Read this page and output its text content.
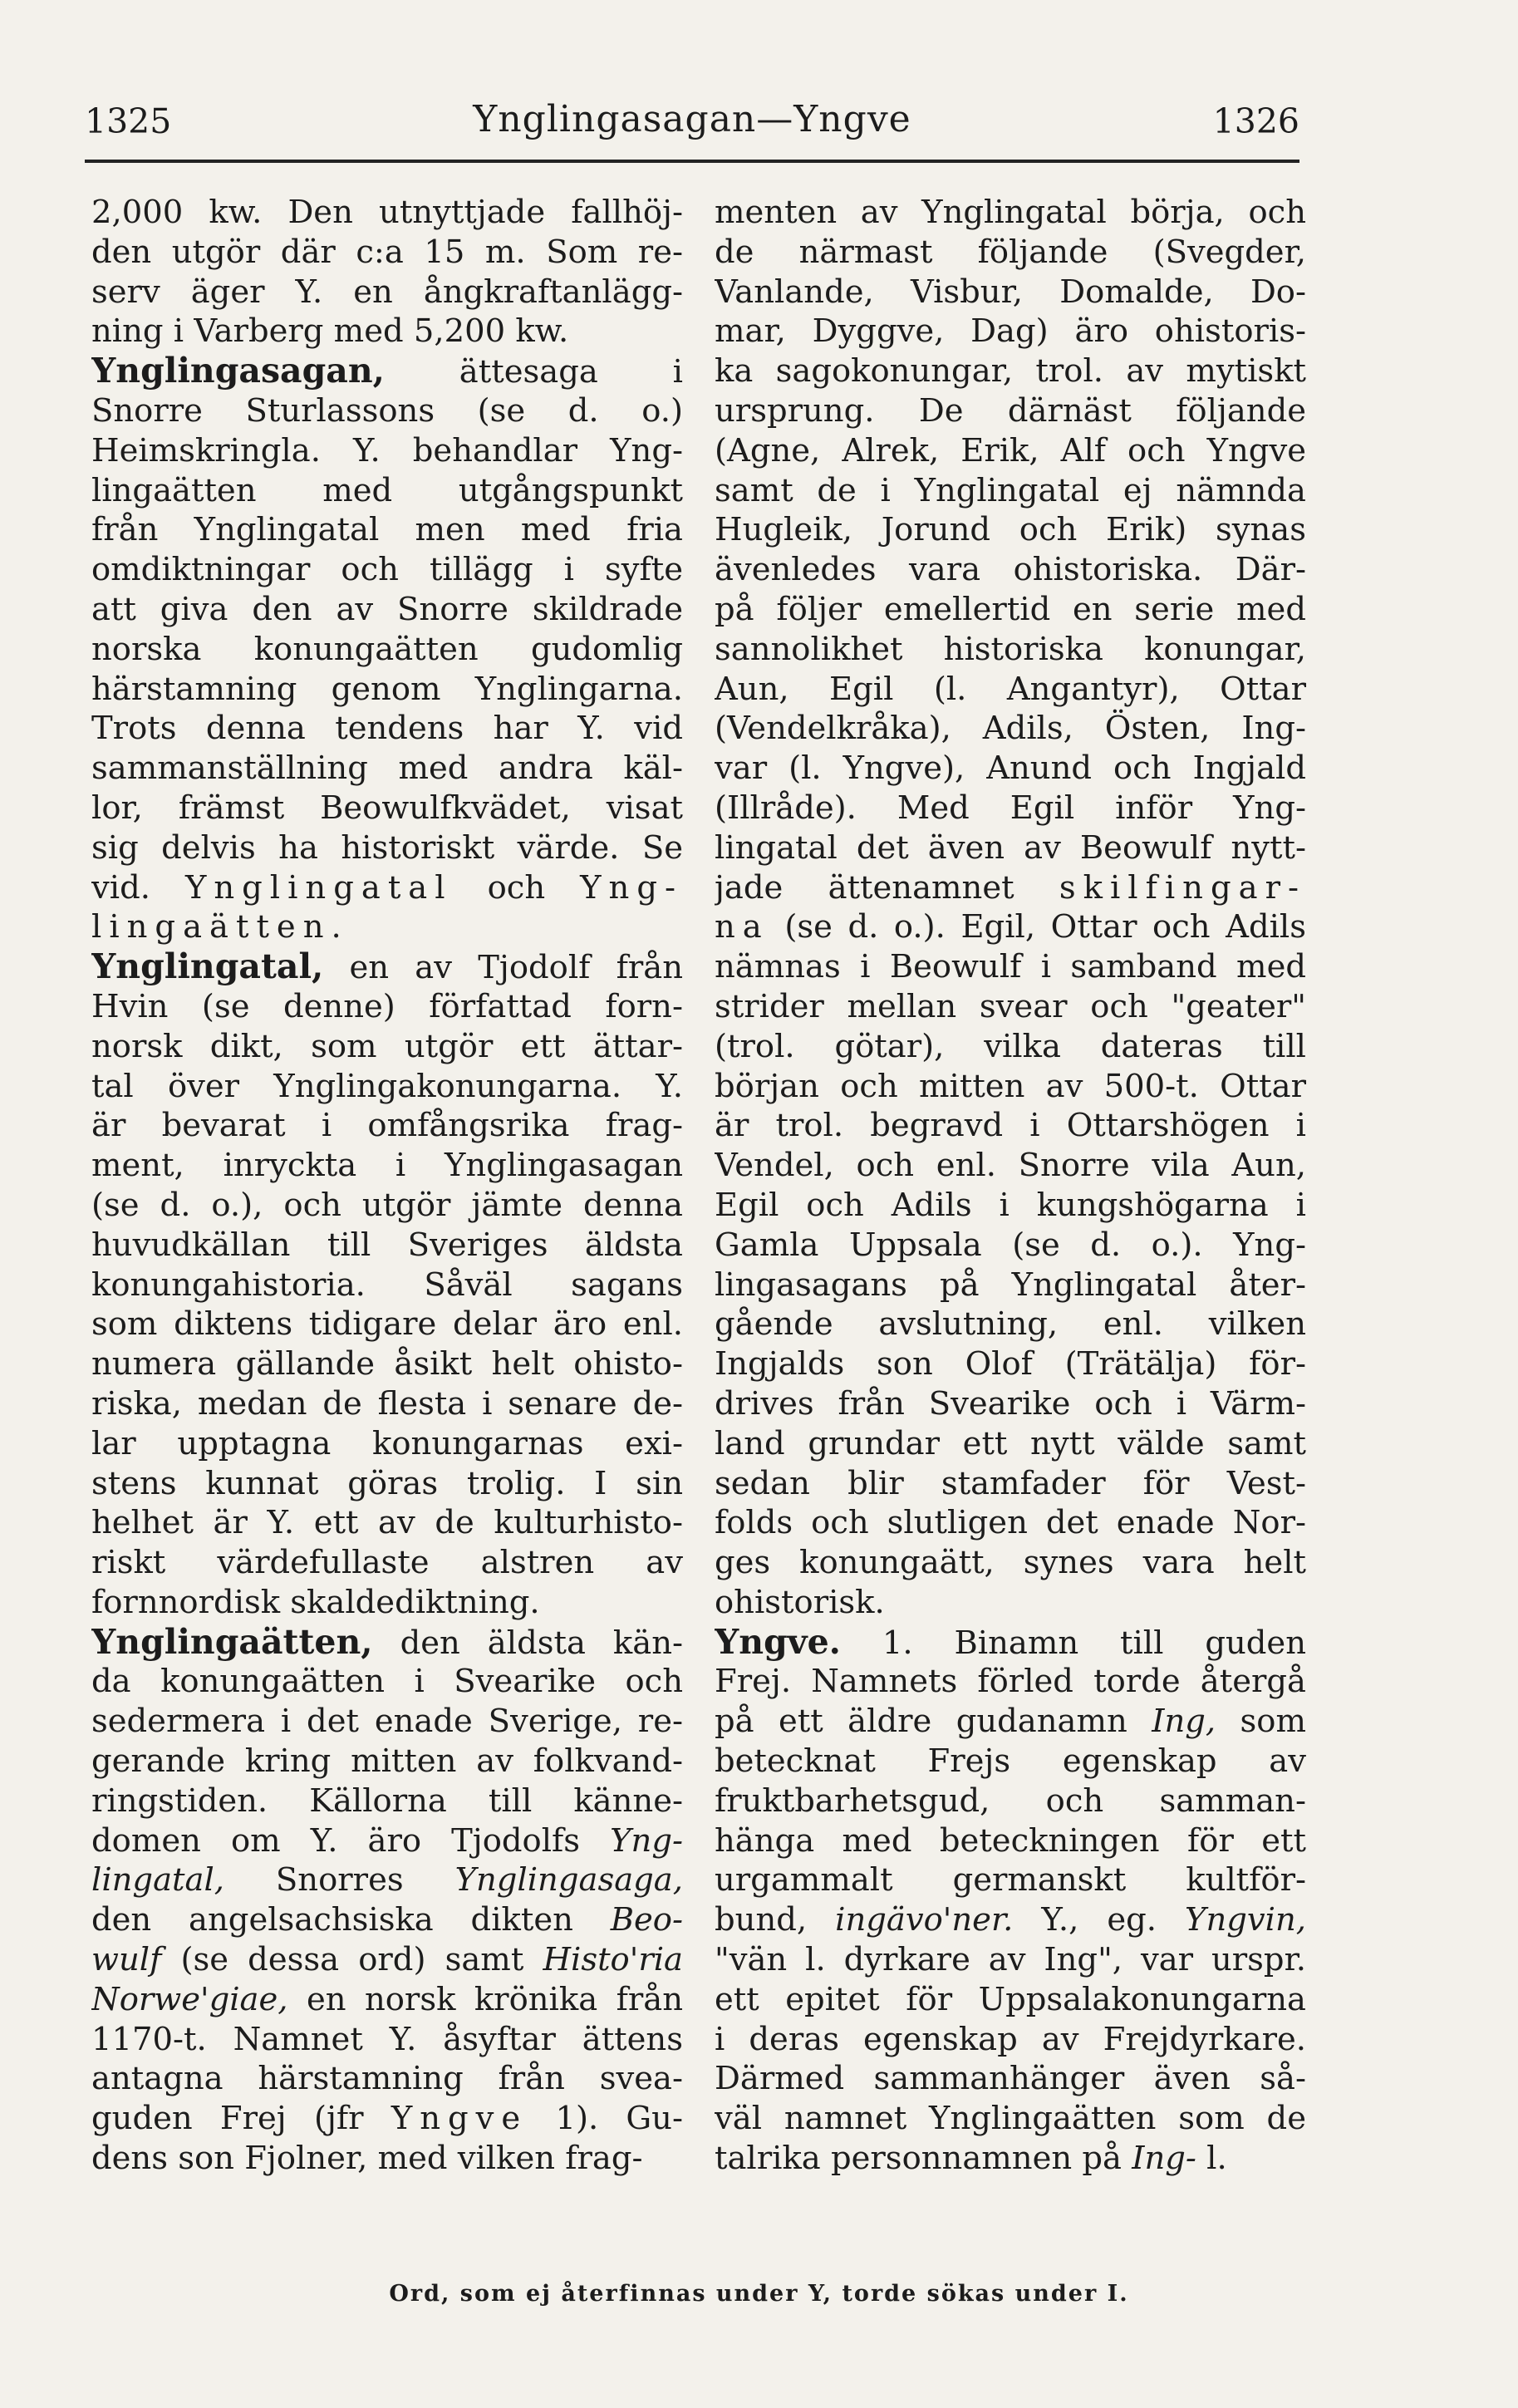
1325	Ynglingasagan—Yngve	1326
2,000 kw. Den utnyttjade fallhöj-
den utgör där c:a 15 m. Som re-
serv äger Y. en ångkraftanlägg-
ning i Varberg med 5,200 kw.
Ynglingasagan, ättesaga i
Snorre Sturlassons (se d. o.)
Heimskringla. Y. behandlar Yng-
lingaätten med utgångspunkt
från Ynglingatal men med fria
omdiktningar och tillägg i syfte
att giva den av Snorre skildrade
norska konungaätten gudomlig
härstamning genom Ynglingarna.
Trots denna tendens har Y. vid
sammanställning med andra käl-
lor, främst Beowulfkvädet, visat
sig delvis ha historiskt värde. Se
vid. Ynglingatal och Yng-
lingaätten.
Ynglingatal, en av Tjodolf från
Hvin (se denne) författad forn-
norsk dikt, som utgör ett ättar-
tal över Ynglingakonungarna. Y.
är bevarat i omfångsrika frag-
ment, inryckta i Ynglingasagan
(se d. o.), och utgör jämte denna
huvudkällan till Sveriges äldsta
konungahistoria. Såväl sagans
som diktens tidigare delar äro enl.
numera gällande åsikt helt ohisto-
riska, medan de flesta i senare de-
lar upptagna konungarnas exi-
stens kunnat göras trolig. I sin
helhet är Y. ett av de kulturhisto-
riskt värdefullaste alstren av
fornnordisk skaldediktning.
Ynglingaätten, den äldsta kän-
da konungaätten i Svearike och
sedermera i det enade Sverige, re-
gerande kring mitten av folkvand-
ringstiden. Källorna till känne-
domen om Y. äro Tjodolfs Yng-
lingatal, Snorres Ynglingasaga,
den angelsachsiska dikten Beo-
wulf (se dessa ord) samt Histo'ria
Norwe'giae, en norsk krönika från
1170-t. Namnet Y. åsyftar ättens
antagna härstamning från svea-
guden Frej (jfr Yngve 1). Gu-
dens son Fjolner, med vilken frag-
menten av Ynglingatal börja, och
de närmast följande (Svegder,
Vanlande, Visbur, Domalde, Do-
mar, Dyggve, Dag) äro ohistoris-
ka sagokonungar, trol. av mytiskt
ursprung. De därnäst följande
(Agne, Alrek, Erik, Alf och Yngve
samt de i Ynglingatal ej nämnda
Hugleik, Jorund och Erik) synas
ävenledes vara ohistoriska. Där-
på följer emellertid en serie med
sannolikhet historiska konungar,
Aun, Egil (l. Angantyr), Ottar
(Vendelkråka), Adils, Östen, Ing-
var (l. Yngve), Anund och Ingjald
(Illråde). Med Egil inför Yng-
lingatal det även av Beowulf nytt-
jade ättenamnet skilfingar-
na (se d. o.). Egil, Ottar och Adils
nämnas i Beowulf i samband med
strider mellan svear och "geater"
(trol. götar), vilka dateras till
början och mitten av 500-t. Ottar
är trol. begravd i Ottarshögen i
Vendel, och enl. Snorre vila Aun,
Egil och Adils i kungshögarna i
Gamla Uppsala (se d. o.). Yng-
lingasagans på Ynglingatal åter-
gående avslutning, enl. vilken
Ingjalds son Olof (Trätälja) för-
drives från Svearike och i Värm-
land grundar ett nytt välde samt
sedan blir stamfader för Vest-
folds och slutligen det enade Nor-
ges konungaätt, synes vara helt
ohistorisk.
Yngve. 1. Binamn till guden
Frej. Namnets förled torde återgå
på ett äldre gudanamn Ing, som
betecknat Frejs egenskap av
fruktbarhetsgud, och samman-
hänga med beteckningen för ett
urgammalt germanskt kultför-
bund, ingävo'ner. Y., eg. Yngvin,
"vän l. dyrkare av Ing", var urspr.
ett epitet för Uppsalakonungarna
i deras egenskap av Frejdyrkare.
Därmed sammanhänger även så-
väl namnet Ynglingaätten som de
talrika personnamnen på Ing- l.
Ord, som ej återfinnas under Y, torde sökas under I.
